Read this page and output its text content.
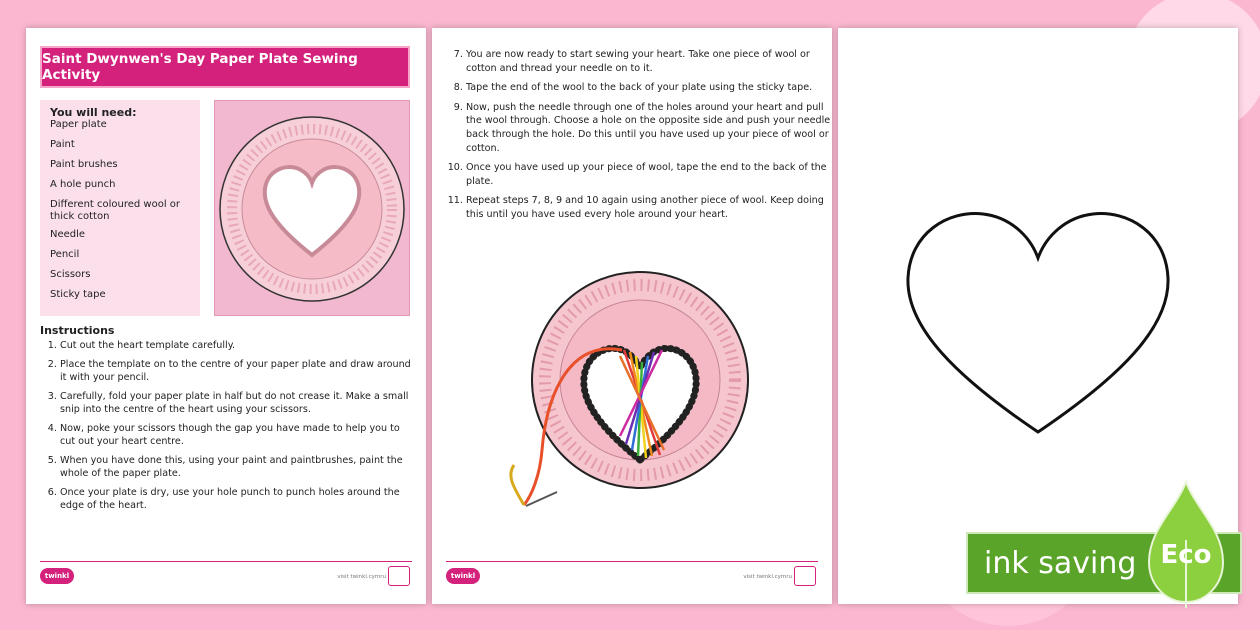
Saint Dwynwen's Day Paper Plate Sewing Activity
You will need:
Paper plate
Paint
Paint brushes
A hole punch
Different coloured wool or thick cotton
Needle
Pencil
Scissors
Sticky tape
Instructions
1. Cut out the heart template carefully.
2. Place the template on to the centre of your paper plate and draw around it with your pencil.
3. Carefully, fold your paper plate in half but do not crease it. Make a small snip into the centre of the heart using your scissors.
4. Now, poke your scissors though the gap you have made to help you to cut out your heart centre.
5. When you have done this, using your paint and paintbrushes, paint the whole of the paper plate.
6. Once your plate is dry, use your hole punch to punch holes around the edge of the heart.
twinkl	visit twinkl.cymru
7. You are now ready to start sewing your heart. Take one piece of wool or cotton and thread your needle on to it.
8. Tape the end of the wool to the back of your plate using the sticky tape.
9. Now, push the needle through one of the holes around your heart and pull the wool through. Choose a hole on the opposite side and push your needle back through the hole. Do this until you have used up your piece of wool or cotton.
10. Once you have used up your piece of wool, tape the end to the back of the plate.
11. Repeat steps 7, 8, 9 and 10 again using another piece of wool. Keep doing this until you have used every hole around your heart.
twinkl	visit twinkl.cymru	ink saving Eco
